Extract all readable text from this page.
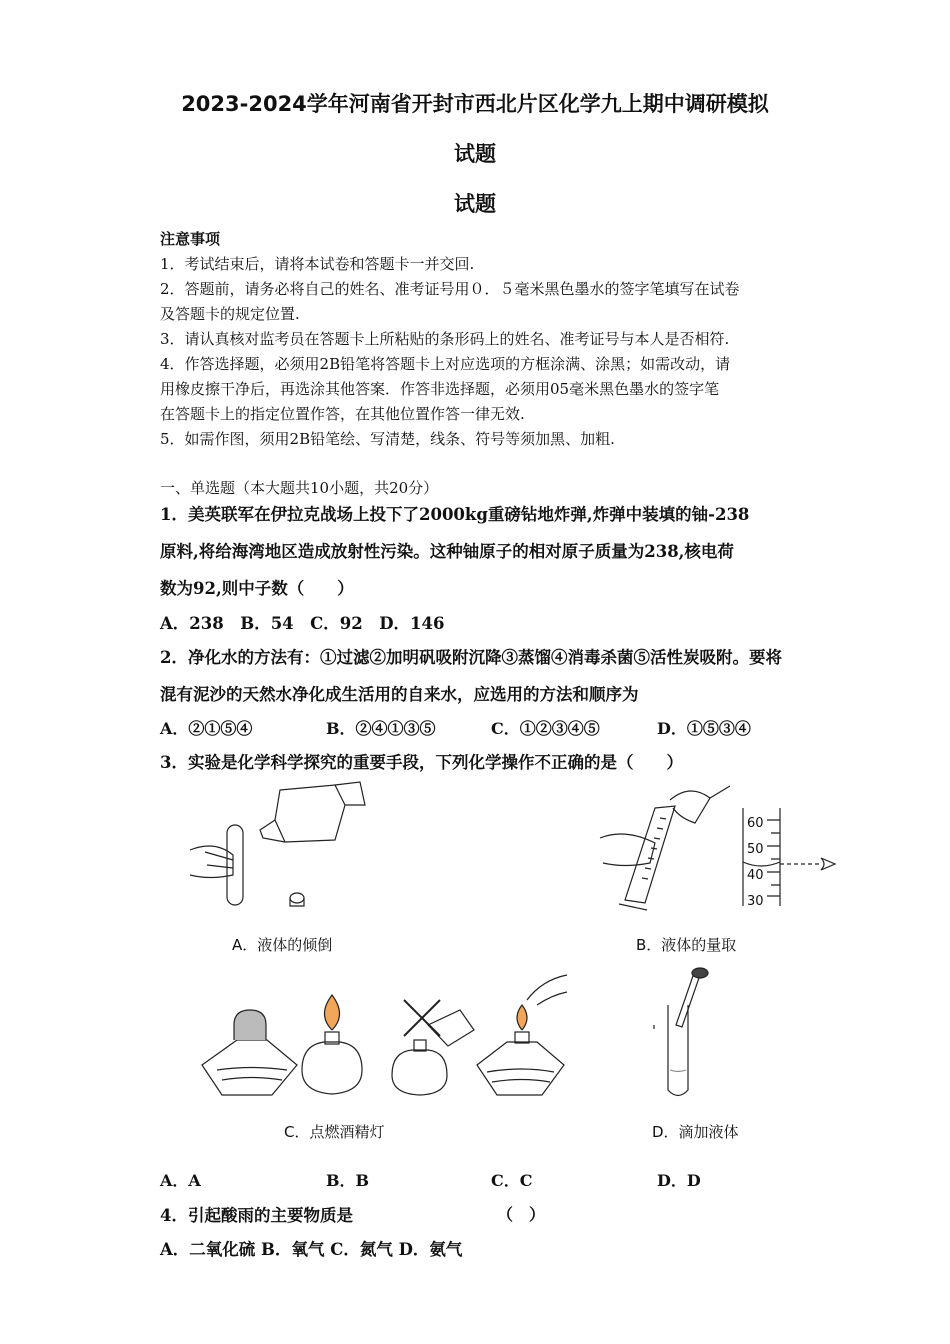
2023-2024学年河南省开封市西北片区化学九上期中调研模拟
试题
试题
注意事项
1．考试结束后，请将本试卷和答题卡一并交回.
2．答题前，请务必将自己的姓名、准考证号用０．５毫米黑色墨水的签字笔填写在试卷
及答题卡的规定位置.
3．请认真核对监考员在答题卡上所粘贴的条形码上的姓名、准考证号与本人是否相符.
4．作答选择题，必须用2B铅笔将答题卡上对应选项的方框涂满、涂黑；如需改动，请
用橡皮擦干净后，再选涂其他答案．作答非选择题，必须用05毫米黑色墨水的签字笔
在答题卡上的指定位置作答，在其他位置作答一律无效.
5．如需作图，须用2B铅笔绘、写清楚，线条、符号等须加黑、加粗.
一、单选题（本大题共10小题，共20分）
1．美英联军在伊拉克战场上投下了2000kg重磅钻地炸弹,炸弹中装填的铀-238
原料,将给海湾地区造成放射性污染。这种铀原子的相对原子质量为238,核电荷
数为92,则中子数（　　）
A．238　B．54　C．92　D．146
2．净化水的方法有：①过滤②加明矾吸附沉降③蒸馏④消毒杀菌⑤活性炭吸附。要将
混有泥沙的天然水净化成生活用的自来水，应选用的方法和顺序为
A．②①⑤④	B．②④①③⑤	C．①②③④⑤	D．①⑤③④
3．实验是化学科学探究的重要手段，下列化学操作不正确的是（　　）
A．液体的倾倒
60
50
40
30
B．液体的量取
C．点燃酒精灯	D．滴加液体
A．A	B．B	C．C	D．D
4．引起酸雨的主要物质是	（　）
A．二氧化硫 B．氧气 C．氮气 D．氨气
